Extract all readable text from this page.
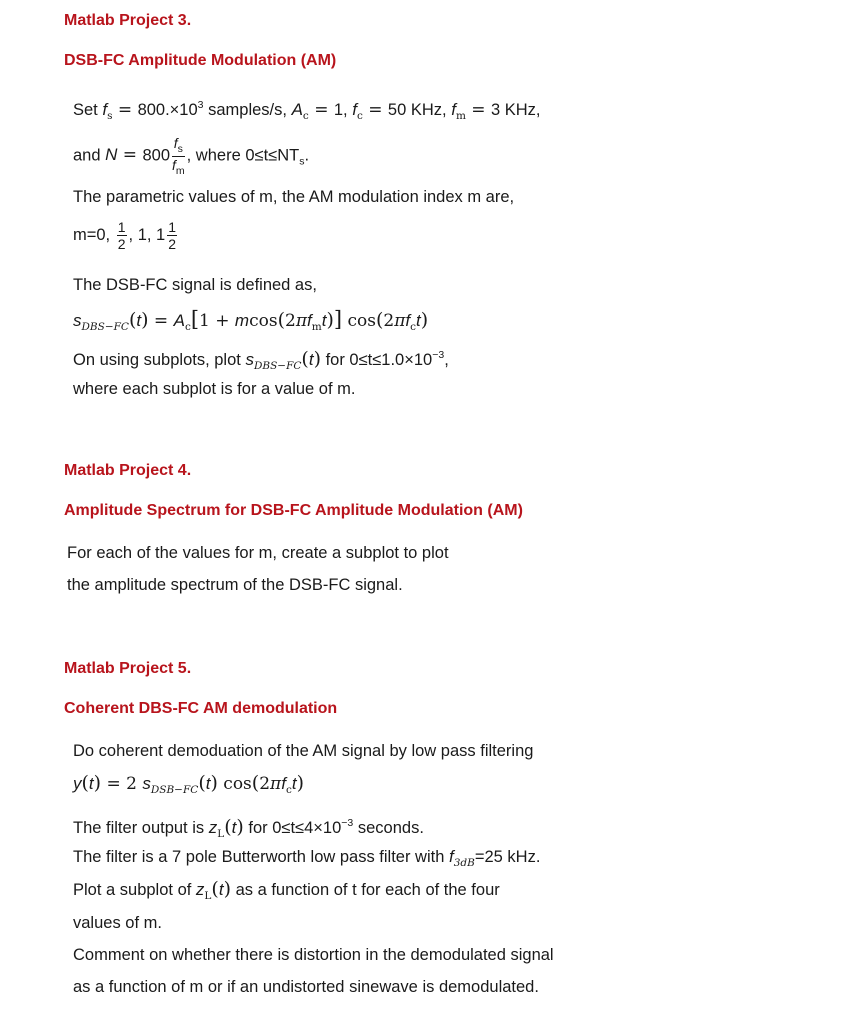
Matlab Project 3.
DSB-FC Amplitude Modulation (AM)
Set $f_s = 800.\times 10^3$ samples/s, $A_c = 1$, $f_c = 50$ KHz, $f_m = 3$ KHz,
and $N = 800 \frac{f_s}{f_m}$ , where $0\le t\le NT_s$.
The parametric values of m, the AM modulation index m are,
m=0, $\frac{1}{2}$ , 1, $1 \frac{1}{2}$
The DSB-FC signal is defined as,
$s_{DBS-FC}(t) = A_c[1 + mcos(2\pi f_mt)]$ $\cos(2\pi f_ct)$
On using subplots, plot $s_{DBS-FC}(t)$ for $0\le t\le 1.0\times 10^{-3}$,
where each subplot is for a value of m.
Matlab Project 4.
Amplitude Spectrum for DSB-FC Amplitude Modulation (AM)
For each of the values for m, create a subplot to plot
the amplitude spectrum of the DSB-FC signal.
Matlab Project 5.
Coherent DBS-FC AM demodulation
Do coherent demoduation of the AM signal by low pass filtering
y(t) = 2 $s_{DSB-FC}(t)$ $\cos(2\pi f_ct)$
The filter output is $z_L(t)$ for $0\le t\le 4\times 10^{-3}$ seconds.
The filter is a 7 pole Butterworth low pass filter with $f_{3dB}=25$ kHz.
Plot a subplot of $z_L(t)$ as a function of t for each of the four
values of m.
Comment on whether there is distortion in the demodulated signal
as a function of m or if an undistorted sinewave is demodulated.
